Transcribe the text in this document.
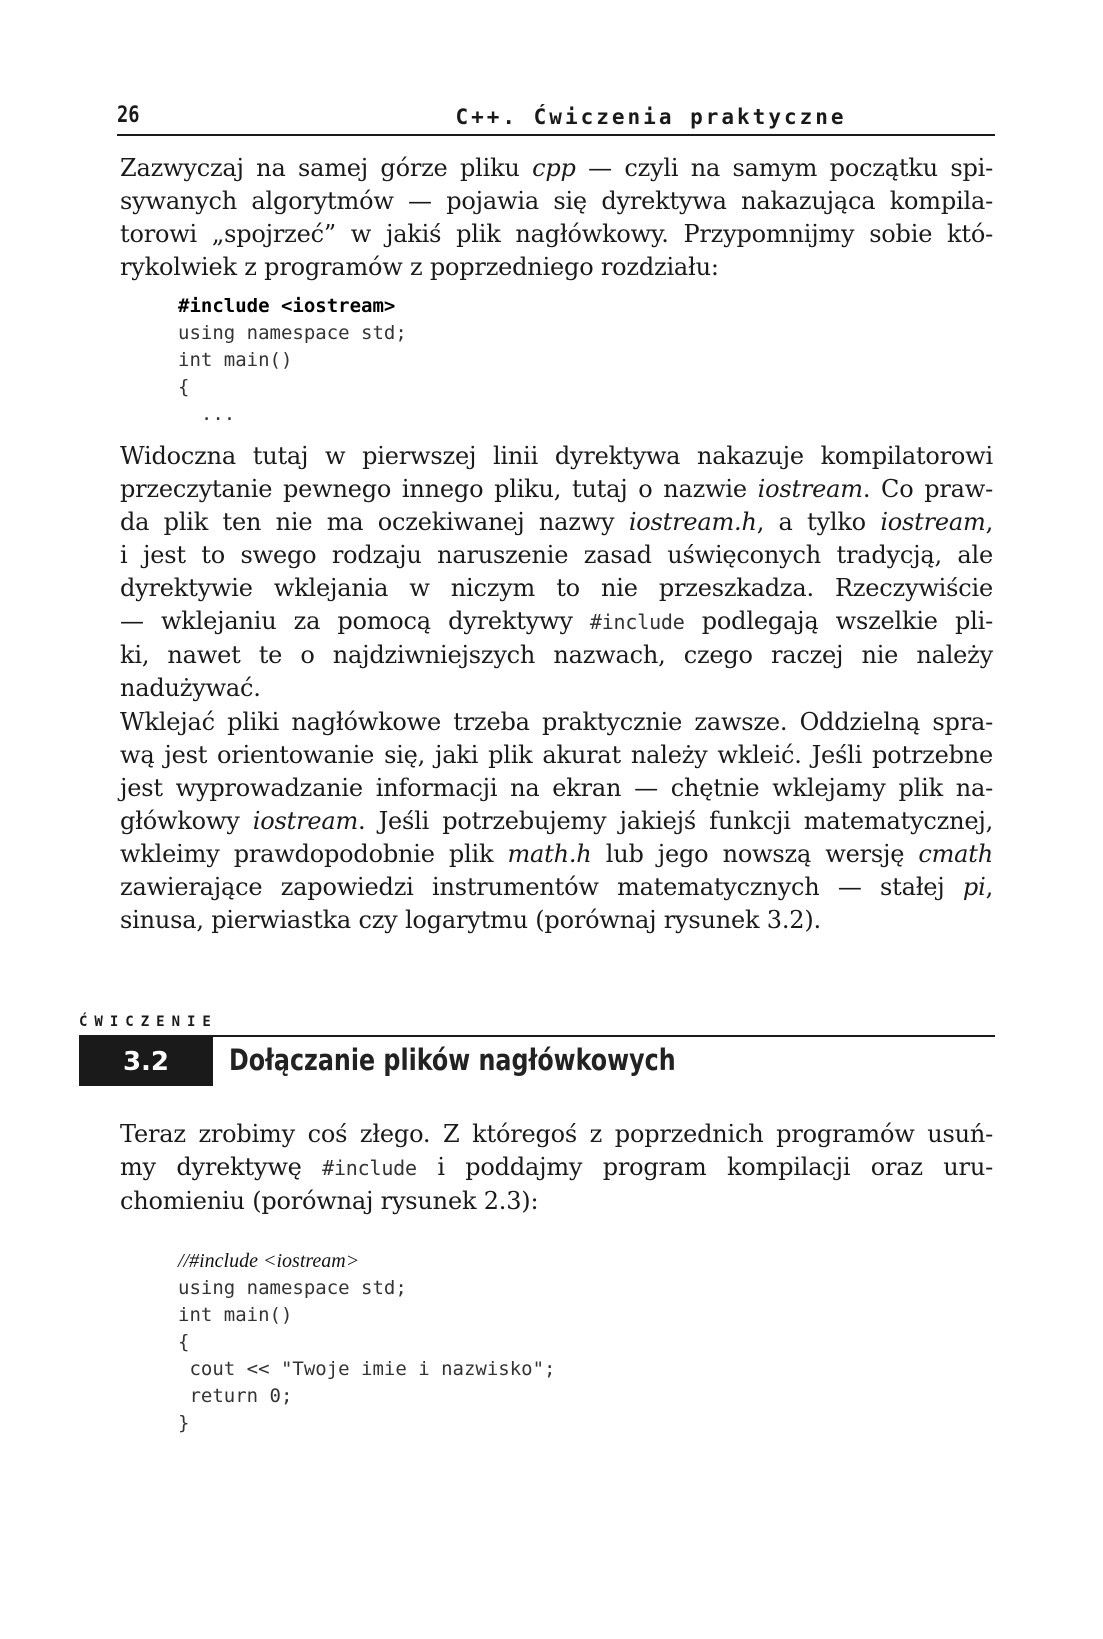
26	C++. Ćwiczenia praktyczne

Zazwyczaj na samej górze pliku cpp — czyli na samym początku spi-
sywanych algorytmów — pojawia się dyrektywa nakazująca kompila-
torowi „spojrzeć” w jakiś plik nagłówkowy. Przypomnijmy sobie któ-
rykolwiek z programów z poprzedniego rozdziału:

#include <iostream>
using namespace std;
int main()
{
...

Widoczna tutaj w pierwszej linii dyrektywa nakazuje kompilatorowi
przeczytanie pewnego innego pliku, tutaj o nazwie iostream. Co praw-
da plik ten nie ma oczekiwanej nazwy iostream.h, a tylko iostream,
i jest to swego rodzaju naruszenie zasad uświęconych tradycją, ale
dyrektywie wklejania w niczym to nie przeszkadza. Rzeczywiście
— wklejaniu za pomocą dyrektywy #include podlegają wszelkie pli-
ki, nawet te o najdziwniejszych nazwach, czego raczej nie należy
nadużywać.

Wklejać pliki nagłówkowe trzeba praktycznie zawsze. Oddzielną spra-
wą jest orientowanie się, jaki plik akurat należy wkleić. Jeśli potrzebne
jest wyprowadzanie informacji na ekran — chętnie wklejamy plik na-
główkowy iostream. Jeśli potrzebujemy jakiejś funkcji matematycznej,
wkleimy prawdopodobnie plik math.h lub jego nowszą wersję cmath
zawierające zapowiedzi instrumentów matematycznych — stałej pi,
sinusa, pierwiastka czy logarytmu (porównaj rysunek 3.2).

ĆWICZENIE
3.2	Dołączanie plików nagłówkowych

Teraz zrobimy coś złego. Z któregoś z poprzednich programów usuń-
my dyrektywę #include i poddajmy program kompilacji oraz uru-
chomieniu (porównaj rysunek 2.3):

//#include <iostream>
using namespace std;
int main()
{
cout << "Twoje imie i nazwisko";
return 0;
}
